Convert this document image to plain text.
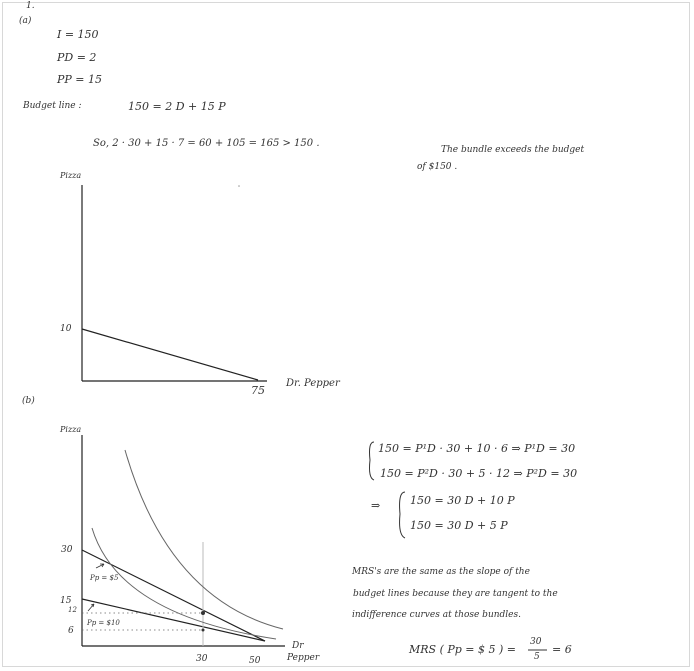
1.
(a)
I = 150
PD = 2
PP = 15
Budget line :	150 = 2 D + 15 P
So, 2 · 30 + 15 · 7 = 60 + 105 = 165 > 150 .
The bundle exceeds the budget
of $150 .
Pizza
10
75
Dr. Pepper
(b)
Pizza
30
15
12
6
30	50
Dr
Pepper
Pp = $5
Pp = $10
150 = P¹D · 30 + 10 · 6 ⇒ P¹D = 30
150 = P²D · 30 + 5 · 12 ⇒ P²D = 30
⇒	150 = 30 D + 10 P
150 = 30 D + 5 P
MRS's are the same as the slope of the
budget lines because they are tangent to the
indifference curves at those bundles.
MRS ( Pp = $ 5 ) =
30
5
= 6
